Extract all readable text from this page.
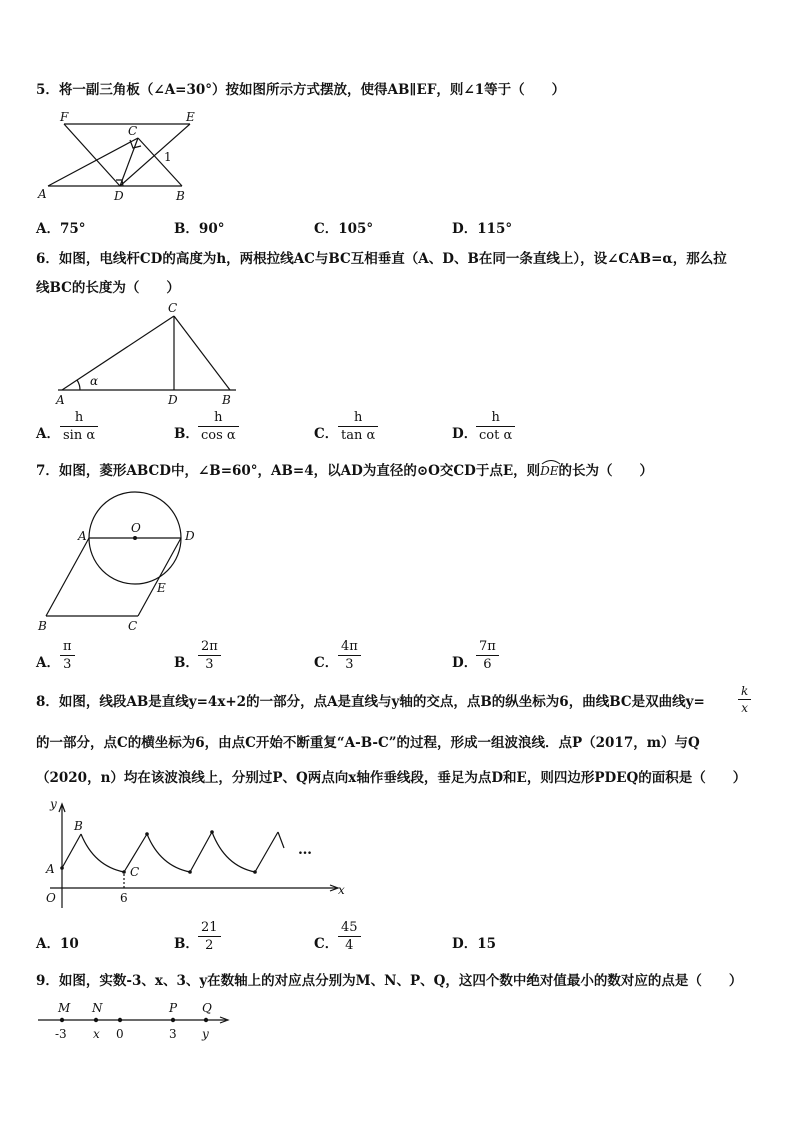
5．将一副三角板（∠A=30°）按如图所示方式摆放，使得AB∥EF，则∠1等于（　　）
F	E
C
1
A	D	B
A．75°	B．90°	C．105°	D．115°
6．如图，电线杆CD的高度为h，两根拉线AC与BC互相垂直（A、D、B在同一条直线上），设∠CAB=α，那么拉
线BC的长度为（　　）
C
α
A	D	B
A．
h
sin α	B．
h
cos α	C．
h
tan α	D．
h
cot α
7．如图，菱形ABCD中，∠B=60°，AB=4，以AD为直径的⊙O交CD于点E，则
DE的长为（　　）
O
A	D
E
B	C
A．
π
3	B．
2π
3	C．
4π
3	D．
7π
6
8．如图，线段AB是直线y=4x+2的一部分，点A是直线与y轴的交点，点B的纵坐标为6，曲线BC是双曲线y=
k
x
的一部分，点C的横坐标为6，由点C开始不断重复“A-B-C”的过程，形成一组波浪线．点P（2017，m）与Q
（2020，n）均在该波浪线上，分别过P、Q两点向x轴作垂线段，垂足为点D和E，则四边形PDEQ的面积是（　　）
y
B
A	C
O	6
x
…
A．10	B．
21
2	C．
45
4	D．15
9．如图，实数-3、x、3、y在数轴上的对应点分别为M、N、P、Q，这四个数中绝对值最小的数对应的点是（　　）
M N	P Q
-3 x 0	3 y
